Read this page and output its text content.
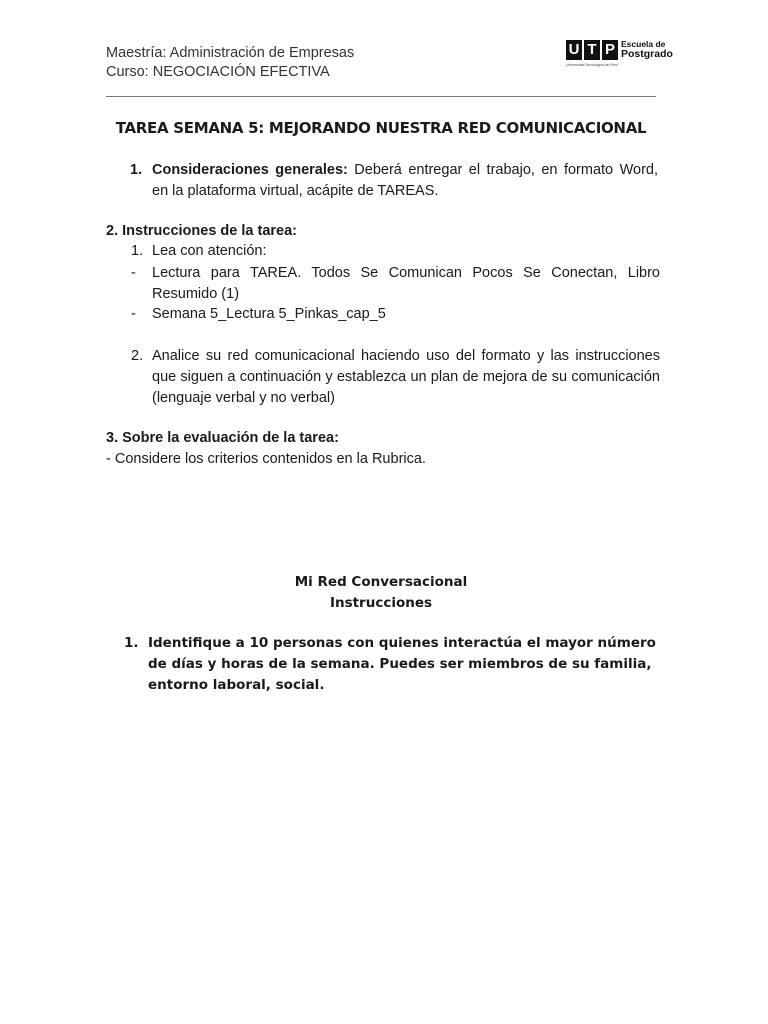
Maestría: Administración de Empresas
Curso: NEGOCIACIÓN EFECTIVA
U T P Escuela de
Postgrado
Universidad Tecnológica del Perú
TAREA SEMANA 5: MEJORANDO NUESTRA RED COMUNICACIONAL
1. Consideraciones generales: Deberá entregar el trabajo, en formato Word, en la plataforma virtual, acápite de TAREAS.
2. Instrucciones de la tarea:
1. Lea con atención:
- Lectura para TAREA. Todos Se Comunican Pocos Se Conectan, Libro Resumido (1)
- Semana 5_Lectura 5_Pinkas_cap_5
2. Analice su red comunicacional haciendo uso del formato y las instrucciones que siguen a continuación y establezca un plan de mejora de su comunicación (lenguaje verbal y no verbal)
3. Sobre la evaluación de la tarea:
- Considere los criterios contenidos en la Rubrica.
Mi Red Conversacional
Instrucciones
1. Identifique a 10 personas con quienes interactúa el mayor número de días y horas de la semana. Puedes ser miembros de su familia, entorno laboral, social.
